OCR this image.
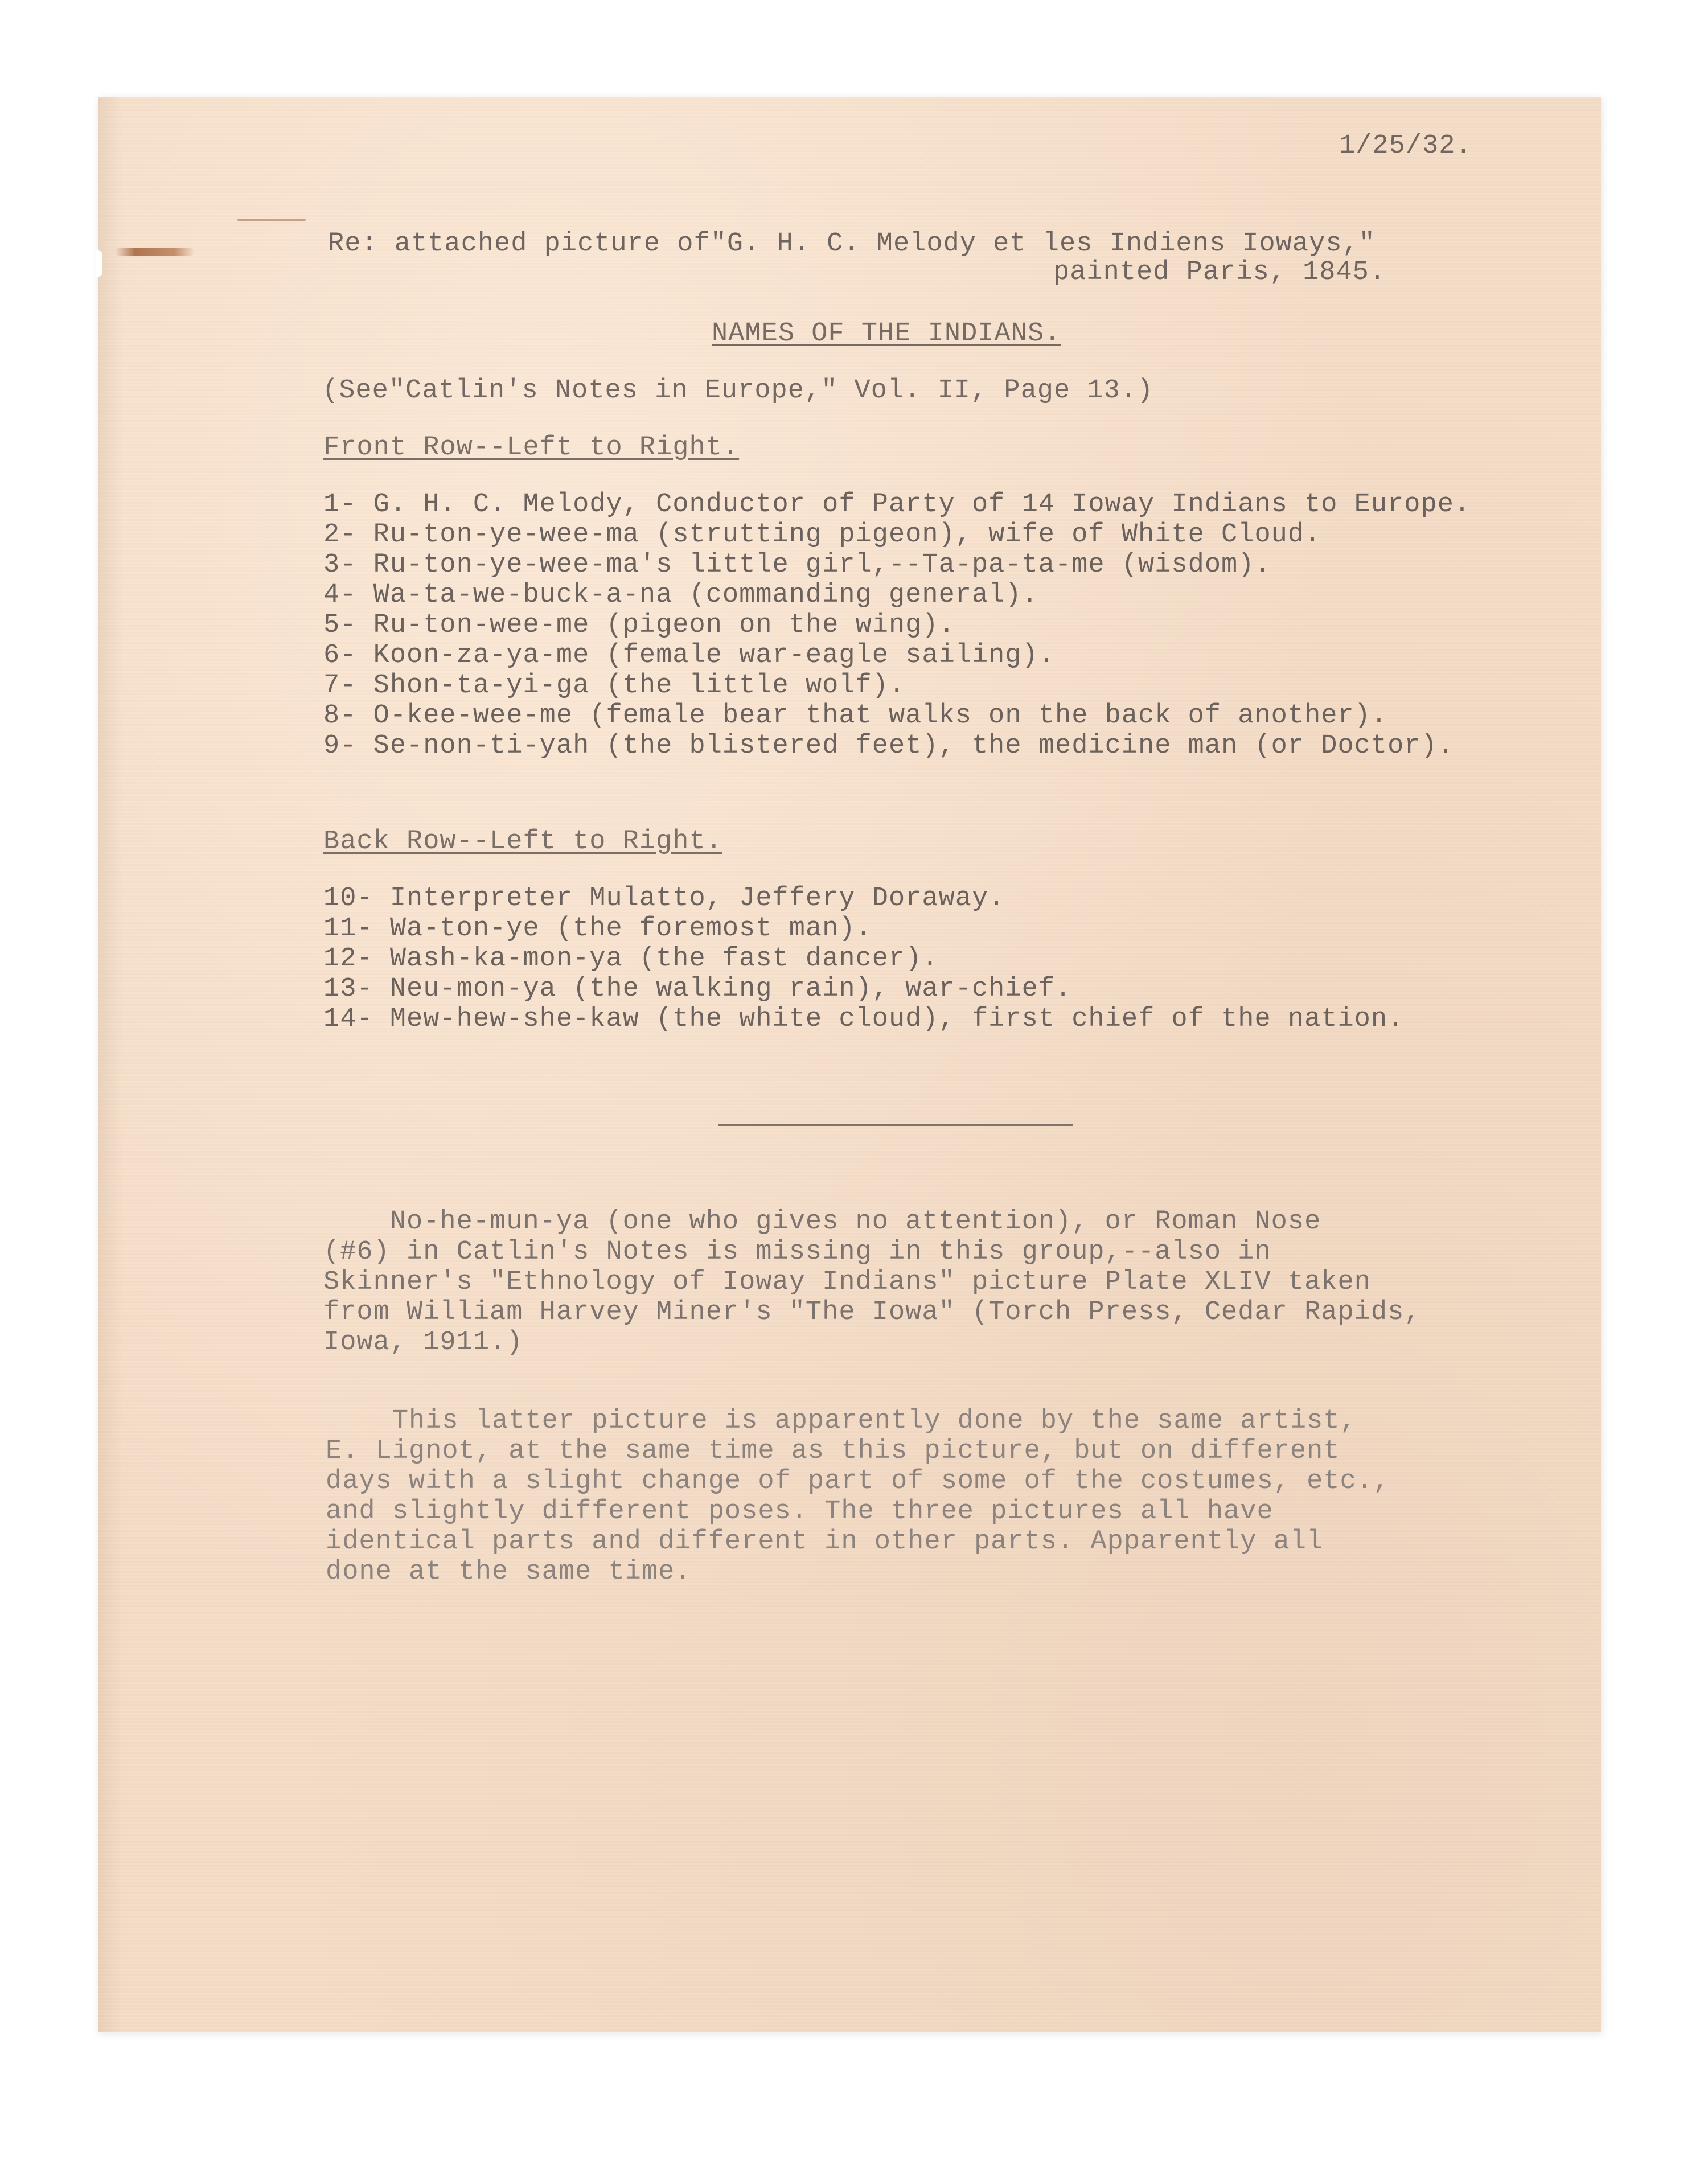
1/25/32.
Re: attached picture of"G. H. C. Melody et les Indiens Ioways,"
painted Paris, 1845.
NAMES OF THE INDIANS.
(See"Catlin's Notes in Europe," Vol. II, Page 13.)
Front Row--Left to Right.
1- G. H. C. Melody, Conductor of Party of 14 Ioway Indians to Europe.
2- Ru-ton-ye-wee-ma (strutting pigeon), wife of White Cloud.
3- Ru-ton-ye-wee-ma's little girl,--Ta-pa-ta-me (wisdom).
4- Wa-ta-we-buck-a-na (commanding general).
5- Ru-ton-wee-me (pigeon on the wing).
6- Koon-za-ya-me (female war-eagle sailing).
7- Shon-ta-yi-ga (the little wolf).
8- O-kee-wee-me (female bear that walks on the back of another).
9- Se-non-ti-yah (the blistered feet), the medicine man (or Doctor).
Back Row--Left to Right.
10- Interpreter Mulatto, Jeffery Doraway.
11- Wa-ton-ye (the foremost man).
12- Wash-ka-mon-ya (the fast dancer).
13- Neu-mon-ya (the walking rain), war-chief.
14- Mew-hew-she-kaw (the white cloud), first chief of the nation.

No-he-mun-ya (one who gives no attention), or Roman Nose

(#6) in Catlin's Notes is missing in this group,--also in

Skinner's "Ethnology of Ioway Indians" picture Plate XLIV taken

from William Harvey Miner's "The Iowa" (Torch Press, Cedar Rapids,

Iowa, 1911.)

This latter picture is apparently done by the same artist,

E. Lignot, at the same time as this picture, but on different

days with a slight change of part of some of the costumes, etc.,

and slightly different poses. The three pictures all have

identical parts and different in other parts. Apparently all

done at the same time.
